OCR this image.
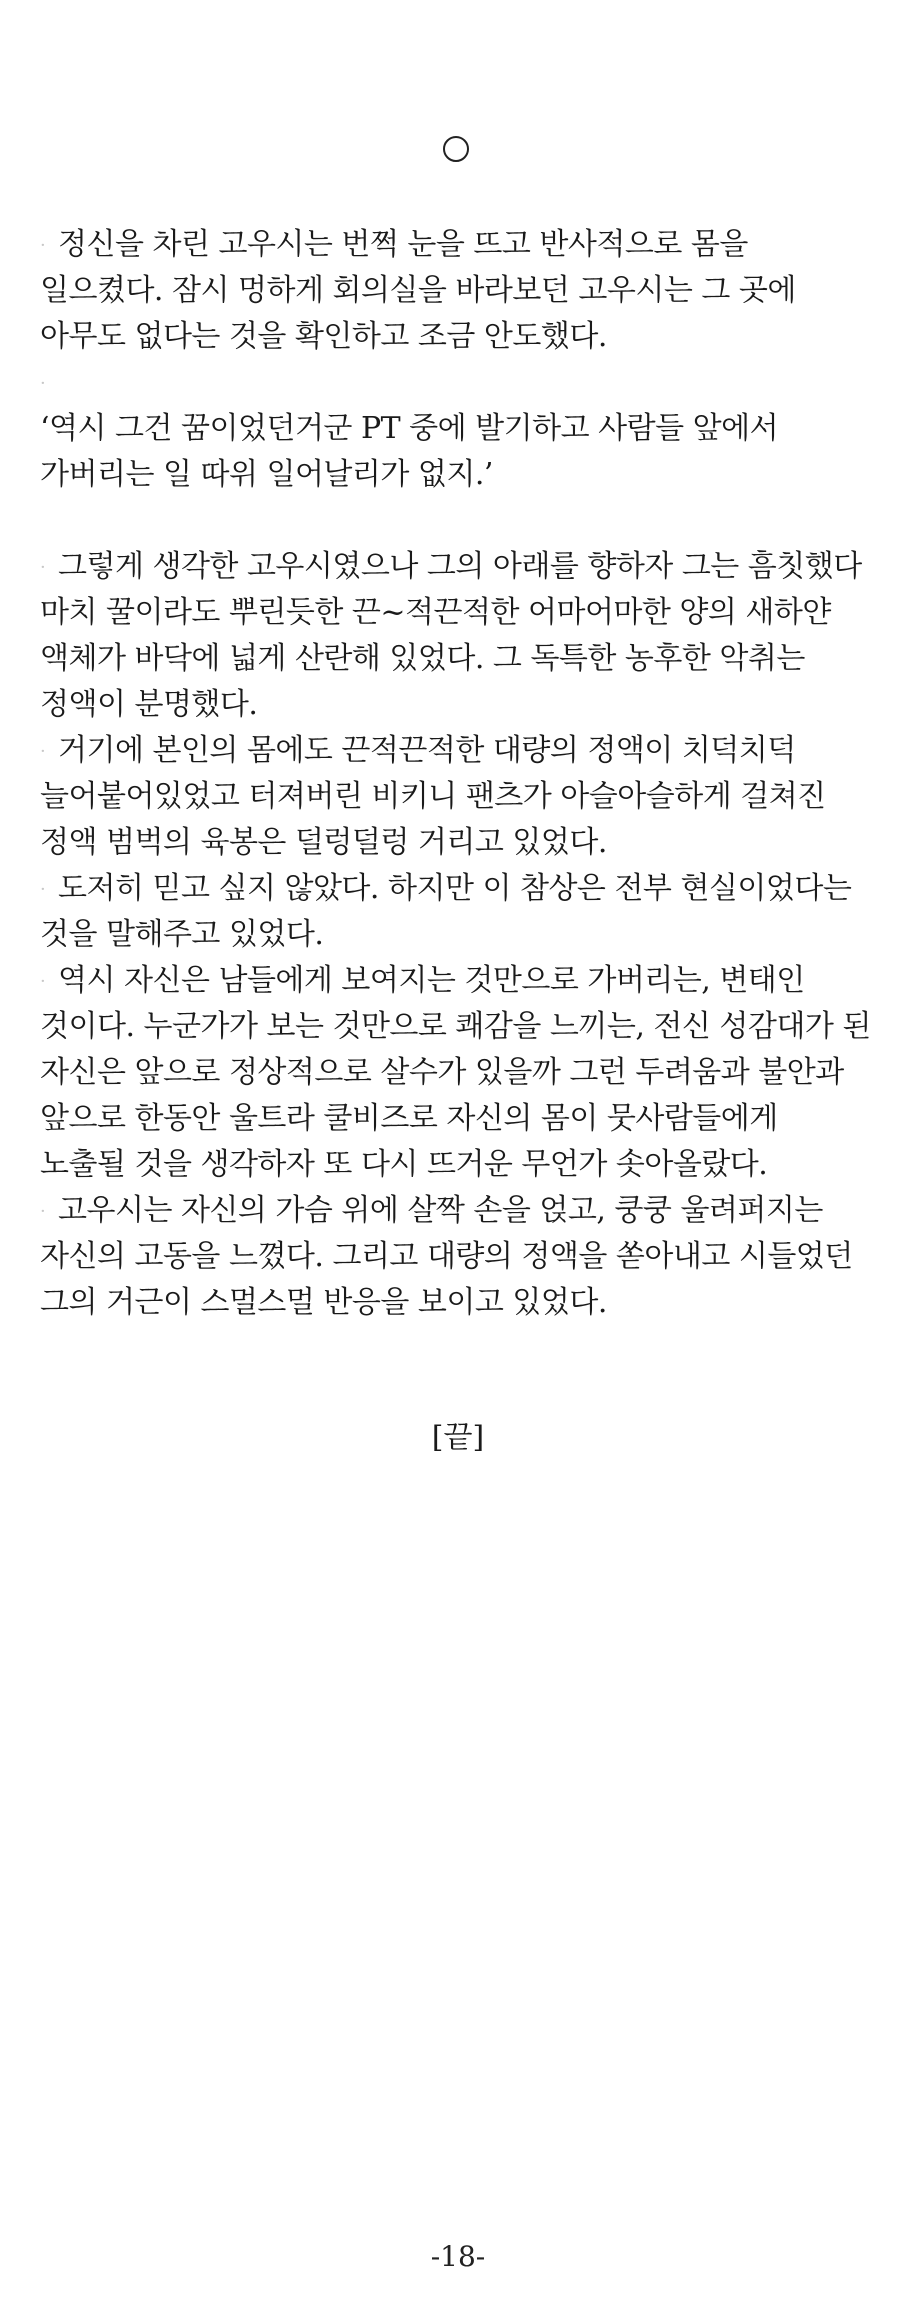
· 정신을 차린 고우시는 번쩍 눈을 뜨고 반사적으로 몸을
일으켰다. 잠시 멍하게 회의실을 바라보던 고우시는 그 곳에
아무도 없다는 것을 확인하고 조금 안도했다.
·
‘역시 그건 꿈이었던거군 PT 중에 발기하고 사람들 앞에서
가버리는 일 따위 일어날리가 없지.’
· 그렇게 생각한 고우시였으나 그의 아래를 향하자 그는 흠칫했다
마치 꿀이라도 뿌린듯한 끈~적끈적한 어마어마한 양의 새하얀
액체가 바닥에 넓게 산란해 있었다. 그 독특한 농후한 악취는
정액이 분명했다.
· 거기에 본인의 몸에도 끈적끈적한 대량의 정액이 치덕치덕
늘어붙어있었고 터져버린 비키니 팬츠가 아슬아슬하게 걸쳐진
정액 범벅의 육봉은 덜렁덜렁 거리고 있었다.
· 도저히 믿고 싶지 않았다. 하지만 이 참상은 전부 현실이었다는
것을 말해주고 있었다.
· 역시 자신은 남들에게 보여지는 것만으로 가버리는, 변태인
것이다. 누군가가 보는 것만으로 쾌감을 느끼는, 전신 성감대가 된
자신은 앞으로 정상적으로 살수가 있을까 그런 두려움과 불안과
앞으로 한동안 울트라 쿨비즈로 자신의 몸이 뭇사람들에게
노출될 것을 생각하자 또 다시 뜨거운 무언가 솟아올랐다.
· 고우시는 자신의 가슴 위에 살짝 손을 얹고, 쿵쿵 울려퍼지는
자신의 고동을 느꼈다. 그리고 대량의 정액을 쏟아내고 시들었던
그의 거근이 스멀스멀 반응을 보이고 있었다.
[끝]
-18-
